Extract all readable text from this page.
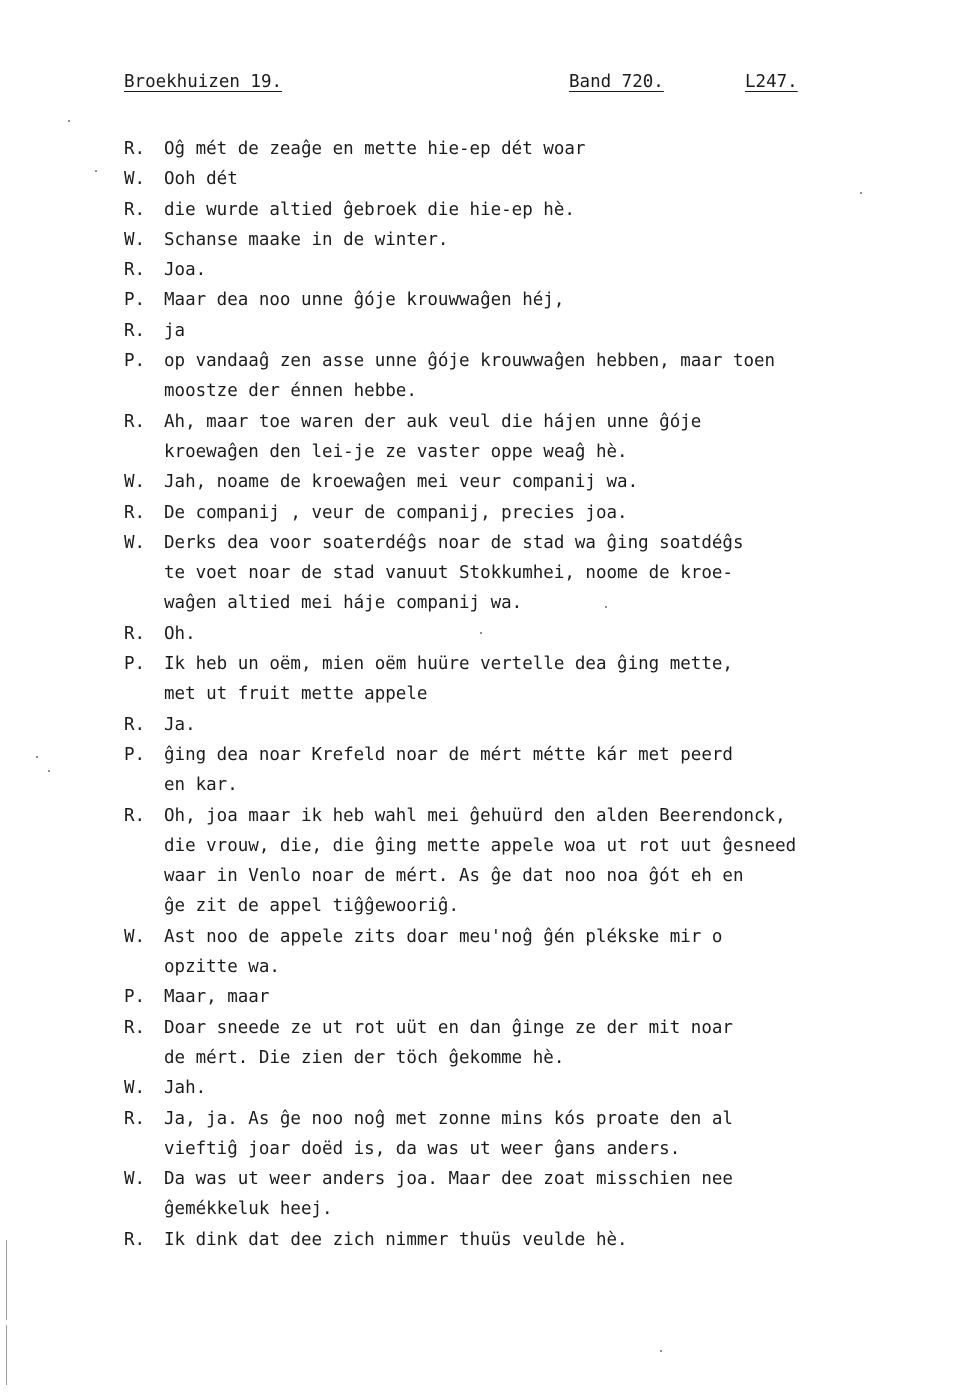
Broekhuizen 19.	Band 720.	L247.
R.	Oĝ mét de zeaĝe en mette hie-ep dét woar
W.	Ooh dét
R.	die wurde altied ĝebroek die hie-ep hè.
W.	Schanse maake in de winter.
R.	Joa.
P.	Maar dea noo unne ĝóje krouwwaĝen héj,
R.	ja
P.	op vandaaĝ zen asse unne ĝóje krouwwaĝen hebben, maar toen
moostze der énnen hebbe.
R.	Ah, maar toe waren der auk veul die hájen unne ĝóje
kroewaĝen den lei-je ze vaster oppe weaĝ hè.
W.	Jah, noame de kroewaĝen mei veur companij wa.
R.	De companij , veur de companij, precies joa.
W.	Derks dea voor soaterdéĝs noar de stad wa ĝing soatdéĝs
te voet noar de stad vanuut Stokkumhei, noome de kroe-
waĝen altied mei háje companij wa.
R.	Oh.
P.	Ik heb un oëm, mien oëm huüre vertelle dea ĝing mette,
met ut fruit mette appele
R.	Ja.
P.	ĝing dea noar Krefeld noar de mért métte kár met peerd
en kar.
R.	Oh, joa maar ik heb wahl mei ĝehuürd den alden Beerendonck,
die vrouw, die, die ĝing mette appele woa ut rot uut ĝesneed
waar in Venlo noar de mért. As ĝe dat noo noa ĝót eh en
ĝe zit de appel tiĝĝewooriĝ.
W.	Ast noo de appele zits doar meu'noĝ ĝén plékske mir o
opzitte wa.
P.	Maar, maar
R.	Doar sneede ze ut rot uüt en dan ĝinge ze der mit noar
de mért. Die zien der töch ĝekomme hè.
W.	Jah.
R.	Ja, ja. As ĝe noo noĝ met zonne mins kós proate den al
vieftiĝ joar doëd is, da was ut weer ĝans anders.
W.	Da was ut weer anders joa. Maar dee zoat misschien nee
ĝemékkeluk heej.
R.	Ik dink dat dee zich nimmer thuüs veulde hè.
